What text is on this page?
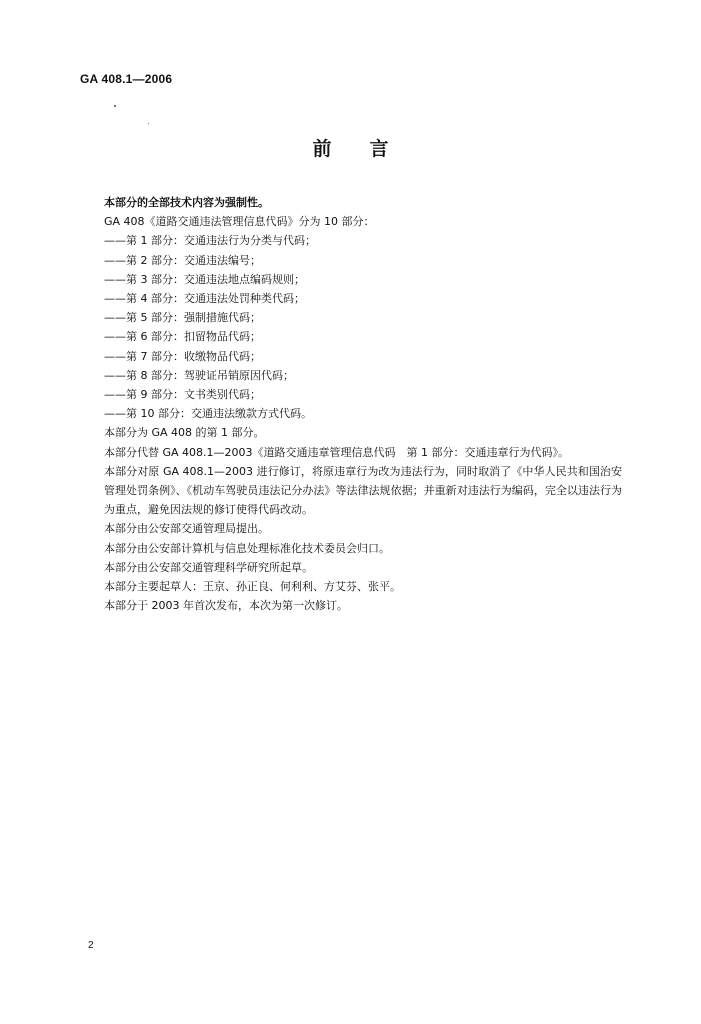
GA 408.1—2006
前 言

本部分的全部技术内容为强制性。

GA 408《道路交通违法管理信息代码》分为 10 部分：

——第 1 部分：交通违法行为分类与代码；

——第 2 部分：交通违法编号；

——第 3 部分：交通违法地点编码规则；

——第 4 部分：交通违法处罚种类代码；

——第 5 部分：强制措施代码；

——第 6 部分：扣留物品代码；

——第 7 部分：收缴物品代码；

——第 8 部分：驾驶证吊销原因代码；

——第 9 部分：文书类别代码；

——第 10 部分：交通违法缴款方式代码。

本部分为 GA 408 的第 1 部分。

本部分代替 GA 408.1—2003《道路交通违章管理信息代码　第 1 部分：交通违章行为代码》。

本部分对原 GA 408.1—2003 进行修订，将原违章行为改为违法行为，同时取消了《中华人民共和国治安管理处罚条例》、《机动车驾驶员违法记分办法》等法律法规依据；并重新对违法行为编码，完全以违法行为为重点，避免因法规的修订使得代码改动。

本部分由公安部交通管理局提出。

本部分由公安部计算机与信息处理标准化技术委员会归口。

本部分由公安部交通管理科学研究所起草。

本部分主要起草人：王京、孙正良、何利利、方艾芬、张平。

本部分于 2003 年首次发布，本次为第一次修订。

2
